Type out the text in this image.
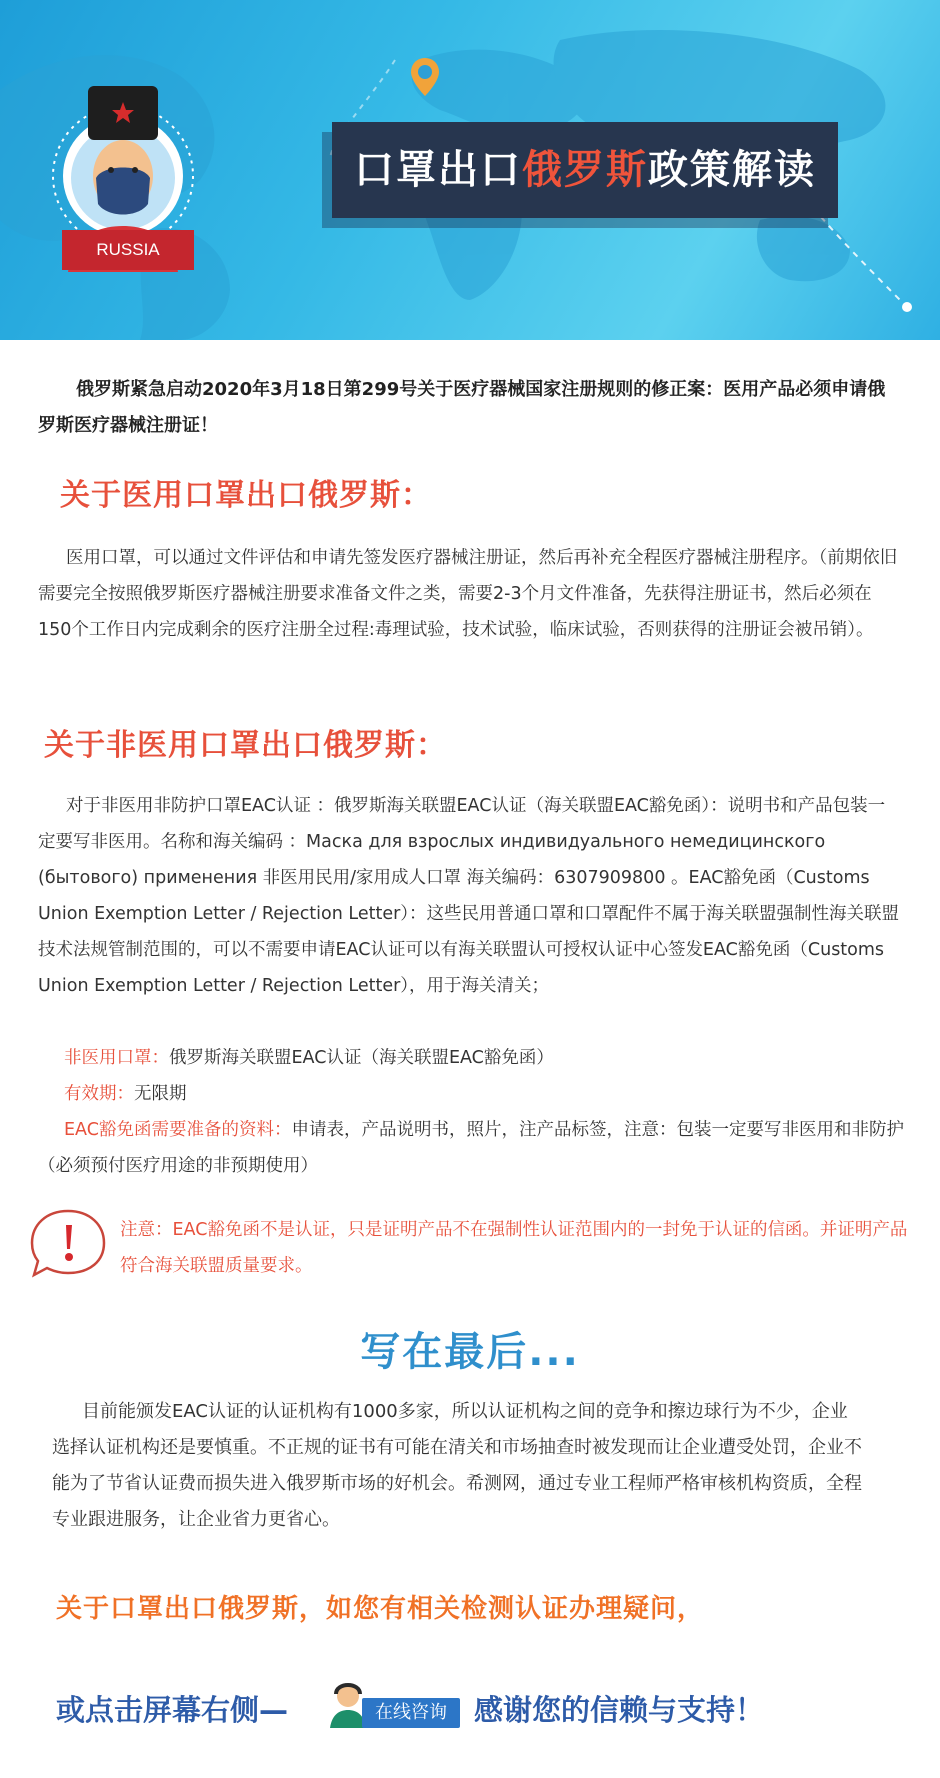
RUSSIA
口罩出口俄罗斯政策解读
俄罗斯紧急启动2020年3月18日第299号关于医疗器械国家注册规则的修正案：医用产品必须申请俄罗斯医疗器械注册证！
关于医用口罩出口俄罗斯：
医用口罩，可以通过文件评估和申请先签发医疗器械注册证，然后再补充全程医疗器械注册程序。（前期依旧需要完全按照俄罗斯医疗器械注册要求准备文件之类，需要2-3个月文件准备，先获得注册证书，然后必须在150个工作日内完成剩余的医疗注册全过程:毒理试验，技术试验，临床试验，否则获得的注册证会被吊销）。
关于非医用口罩出口俄罗斯：
对于非医用非防护口罩EAC认证 ：俄罗斯海关联盟EAC认证（海关联盟EAC豁免函）：说明书和产品包装一定要写非医用。名称和海关编码 ：Маска для взрослых индивидуального немедицинского (бытового) применения 非医用民用/家用成人口罩 海关编码：6307909800 。EAC豁免函（Customs Union Exemption Letter / Rejection Letter）：这些民用普通口罩和口罩配件不属于海关联盟强制性海关联盟技术法规管制范围的，可以不需要申请EAC认证可以有海关联盟认可授权认证中心签发EAC豁免函（Customs Union Exemption Letter / Rejection Letter），用于海关清关；
非医用口罩：俄罗斯海关联盟EAC认证（海关联盟EAC豁免函）
有效期：无限期
EAC豁免函需要准备的资料：申请表，产品说明书，照片，注产品标签，注意：包装一定要写非医用和非防护（必须预付医疗用途的非预期使用）
注意：EAC豁免函不是认证，只是证明产品不在强制性认证范围内的一封免于认证的信函。并证明产品符合海关联盟质量要求。
写在最后...
目前能颁发EAC认证的认证机构有1000多家，所以认证机构之间的竞争和擦边球行为不少，企业选择认证机构还是要慎重。不正规的证书有可能在清关和市场抽查时被发现而让企业遭受处罚，企业不能为了节省认证费而损失进入俄罗斯市场的好机会。希测网，通过专业工程师严格审核机构资质，全程专业跟进服务，让企业省力更省心。
关于口罩出口俄罗斯，如您有相关检测认证办理疑问，
或点击屏幕右侧—	在线咨询 感谢您的信赖与支持！
